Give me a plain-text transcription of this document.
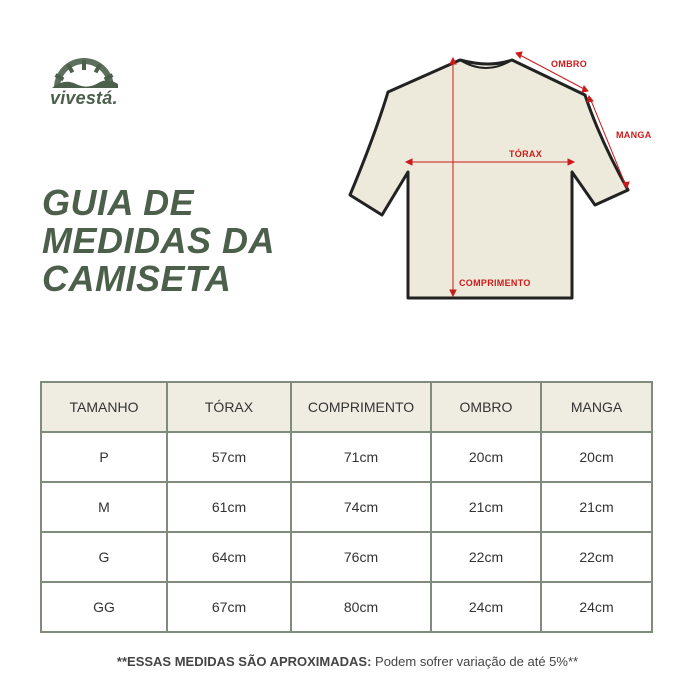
vivestá.
GUIA DE
MEDIDAS DA
CAMISETA
OMBRO
MANGA
TÓRAX
COMPRIMENTO
TAMANHO	TÓRAX	COMPRIMENTO	OMBRO	MANGA
P	57cm	71cm	20cm	20cm
M	61cm	74cm	21cm	21cm
G	64cm	76cm	22cm	22cm
GG	67cm	80cm	24cm	24cm
**ESSAS MEDIDAS SÃO APROXIMADAS: Podem sofrer variação de até 5%**
